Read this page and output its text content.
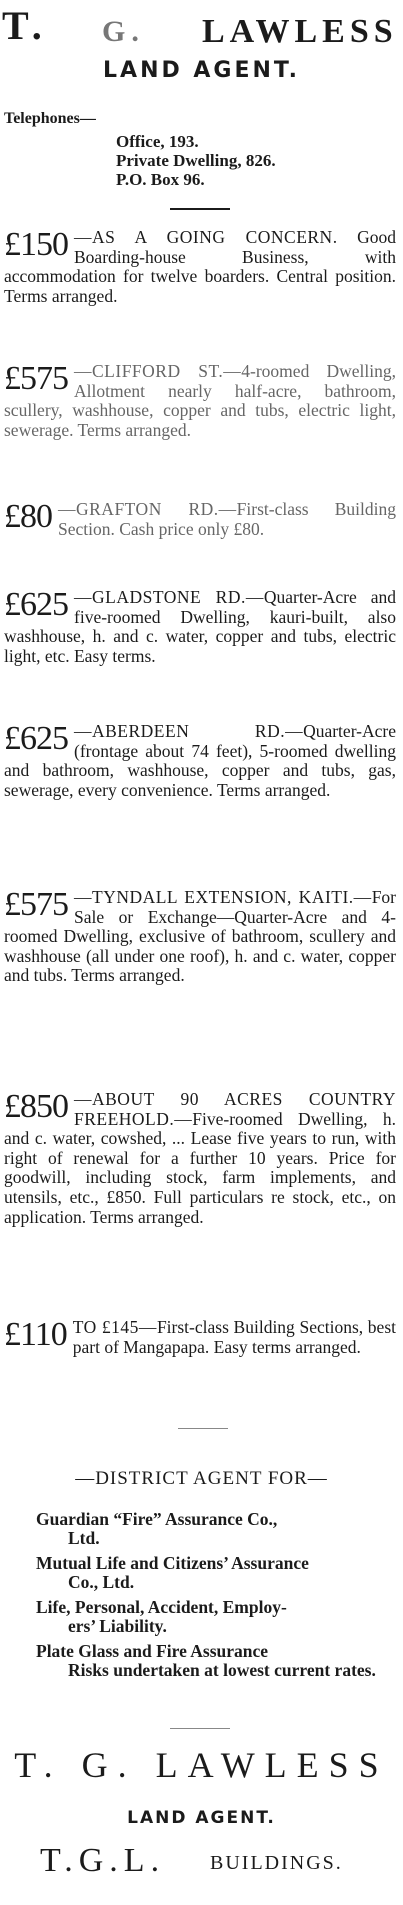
T. G. LAWLESS
LAND AGENT.
Telephones—
Office, 193.
Private Dwelling, 826.
P.O. Box 96.
£150 —AS A GOING CONCERN. Good Boarding-house Business, with accommodation for twelve boarders. Central position. Terms arranged.
£575 —CLIFFORD ST.—4-roomed Dwelling, Allotment nearly half-acre, bathroom, scullery, washhouse, copper and tubs, electric light, sewerage. Terms arranged.
£80 —GRAFTON RD.—First-class Building Section. Cash price only £80.
£625 —GLADSTONE RD.—Quarter-Acre and five-roomed Dwelling, kauri-built, also washhouse, h. and c. water, copper and tubs, electric light, etc. Easy terms.
£625 —ABERDEEN RD.—Quarter-Acre (frontage about 74 feet), 5-roomed dwelling and bathroom, washhouse, copper and tubs, gas, sewerage, every convenience. Terms arranged.
£575 —TYNDALL EXTENSION, KAITI.—For Sale or Exchange—Quarter-Acre and 4-roomed Dwelling, exclusive of bathroom, scullery and washhouse (all under one roof), h. and c. water, copper and tubs. Terms arranged.
£850 —ABOUT 90 ACRES COUNTRY FREEHOLD.—Five-roomed Dwelling, h. and c. water, cowshed, ... Lease five years to run, with right of renewal for a further 10 years. Price for goodwill, including stock, farm implements, and utensils, etc., £850. Full particulars re stock, etc., on application. Terms arranged.
£110 TO £145—First-class Building Sections, best part of Mangapapa. Easy terms arranged.
—DISTRICT AGENT FOR—
Guardian “Fire” Assurance Co.,
Ltd.
Mutual Life and Citizens’ Assurance
Co., Ltd.
Life, Personal, Accident, Employ-
ers’ Liability.
Plate Glass and Fire Assurance
Risks undertaken at lowest current rates.
T. G. LAWLESS
LAND AGENT.
T.G.L. BUILDINGS.
